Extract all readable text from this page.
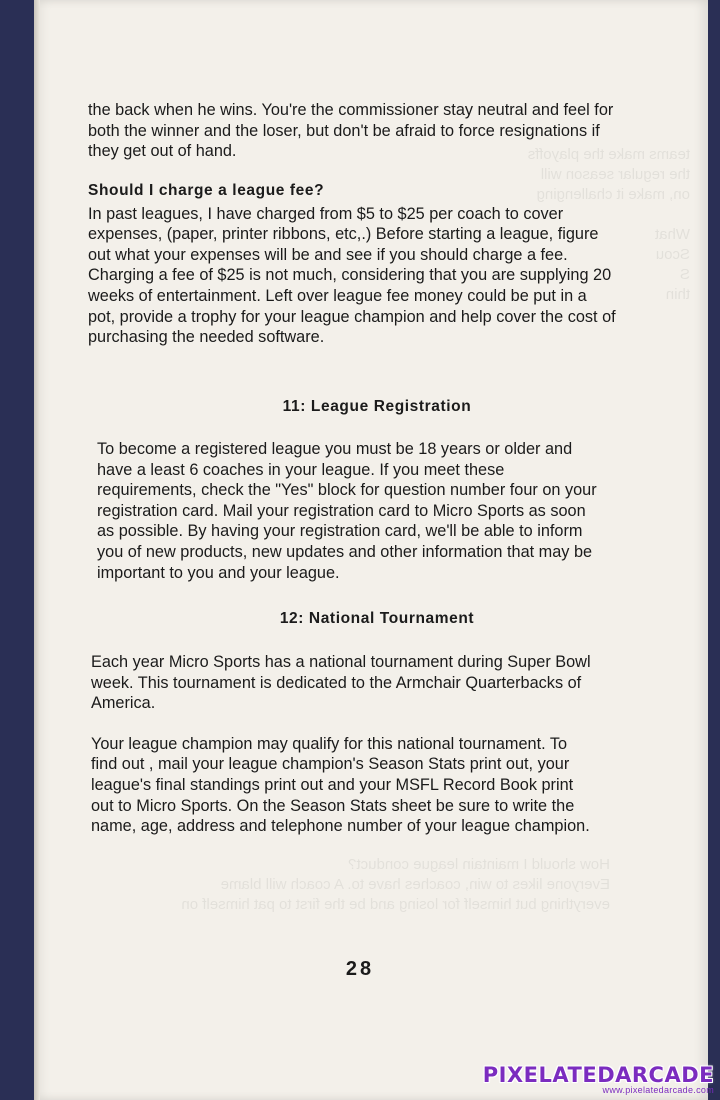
teams make the playoffs
the regular season will
on, make it challenging

What
Scou
S
thin
How should I maintain league conduct?
Everyone likes to win, coaches have to. A coach will blame
everything but himself for losing and be the first to pat himself on

the back when he wins. You're the commissioner stay neutral and feel for both the winner and the loser, but don't be afraid to force resignations if they get out of hand.

Should I charge a league fee?

In past leagues, I have charged from $5 to $25 per coach to cover expenses, (paper, printer ribbons, etc,.) Before starting a league, figure out what your expenses will be and see if you should charge a fee. Charging a fee of $25 is not much, considering that you are supplying 20 weeks of entertainment. Left over league fee money could be put in a pot, provide a trophy for your league champion and help cover the cost of purchasing the needed software.

11: League Registration

To become a registered league you must be 18 years or older and have a least 6 coaches in your league. If you meet these requirements, check the "Yes" block for question number four on your registration card. Mail your registration card to Micro Sports as soon as possible. By having your registration card, we'll be able to inform you of new products, new updates and other information that may be important to you and your league.

12: National Tournament

Each year Micro Sports has a national tournament during Super Bowl week. This tournament is dedicated to the Armchair Quarterbacks of America.

Your league champion may qualify for this national tournament. To find out , mail your league champion's Season Stats print out, your league's final standings print out and your MSFL Record Book print out to Micro Sports. On the Season Stats sheet be sure to write the name, age, address and telephone number of your league champion.

28
PIXELATEDARCADE
www.pixelatedarcade.com
